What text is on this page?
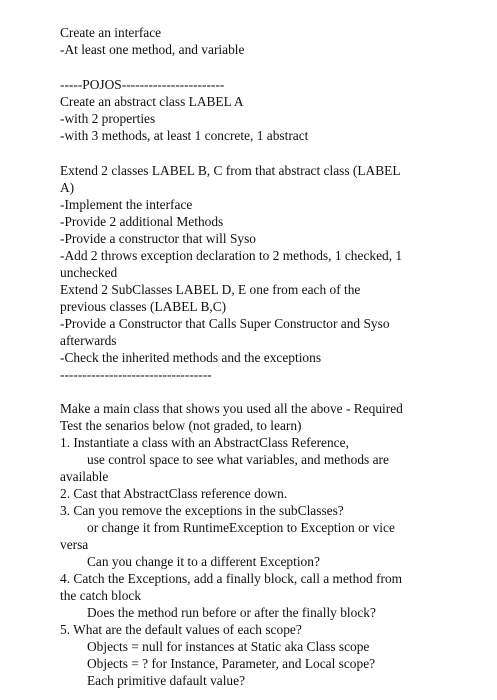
Create an interface
-At least one method, and variable
-----POJOS-----------------------
Create an abstract class LABEL A
-with 2 properties
-with 3 methods, at least 1 concrete, 1 abstract
Extend 2 classes LABEL B, C from that abstract class (LABEL
A)
-Implement the interface
-Provide 2 additional Methods
-Provide a constructor that will Syso
-Add 2 throws exception declaration to 2 methods, 1 checked, 1
unchecked
Extend 2 SubClasses LABEL D, E one from each of the
previous classes (LABEL B,C)
-Provide a Constructor that Calls Super Constructor and Syso
afterwards
-Check the inherited methods and the exceptions
----------------------------------
Make a main class that shows you used all the above - Required
Test the senarios below (not graded, to learn)
1. Instantiate a class with an AbstractClass Reference,
use control space to see what variables, and methods are
available
2. Cast that AbstractClass reference down.
3. Can you remove the exceptions in the subClasses?
or change it from RuntimeException to Exception or vice
versa
Can you change it to a different Exception?
4. Catch the Exceptions, add a finally block, call a method from
the catch block
Does the method run before or after the finally block?
5. What are the default values of each scope?
Objects = null for instances at Static aka Class scope
Objects = ? for Instance, Parameter, and Local scope?
Each primitive dafault value?
